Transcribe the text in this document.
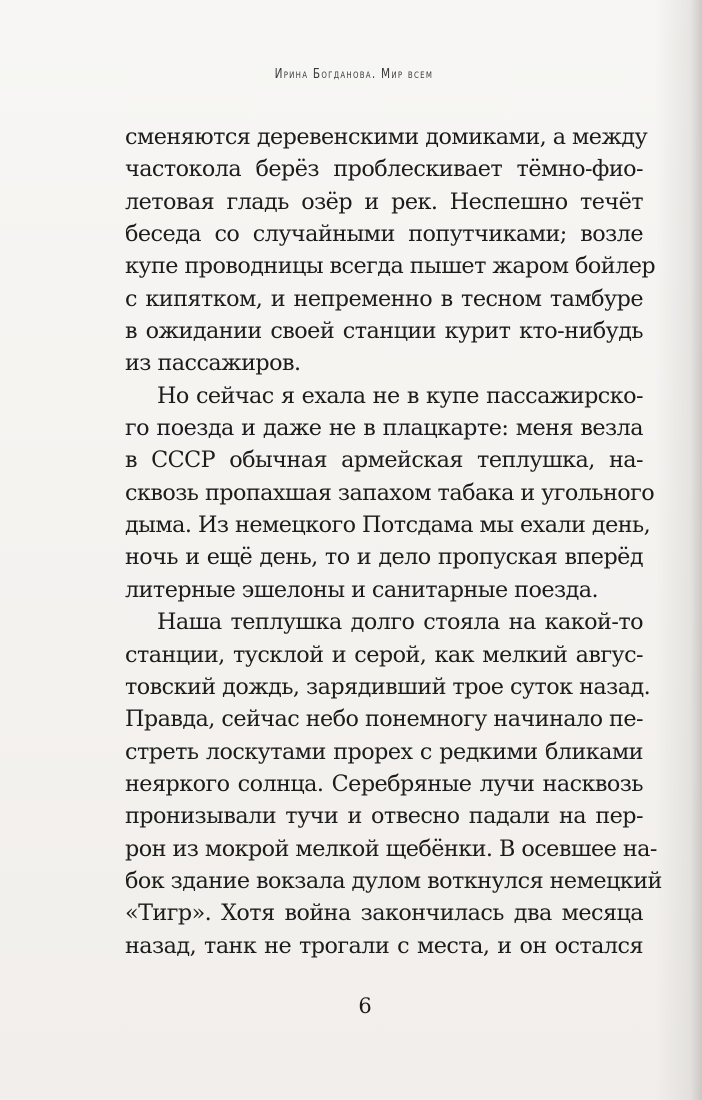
Ирина Богданова. Мир всем
сменяются деревенскими домиками, а между
частокола берёз проблескивает тёмно-фио-
летовая гладь озёр и рек. Неспешно течёт
беседа со случайными попутчиками; возле
купе проводницы всегда пышет жаром бойлер
с кипятком, и непременно в тесном тамбуре
в ожидании своей станции курит кто-нибудь
из пассажиров.
Но сейчас я ехала не в купе пассажирско-
го поезда и даже не в плацкарте: меня везла
в СССР обычная армейская теплушка, на-
сквозь пропахшая запахом табака и угольного
дыма. Из немецкого Потсдама мы ехали день,
ночь и ещё день, то и дело пропуская вперёд
литерные эшелоны и санитарные поезда.
Наша теплушка долго стояла на какой-то
станции, тусклой и серой, как мелкий авгус-
товский дождь, зарядивший трое суток назад.
Правда, сейчас небо понемногу начинало пе-
стреть лоскутами прорех с редкими бликами
неяркого солнца. Серебряные лучи насквозь
пронизывали тучи и отвесно падали на пер-
рон из мокрой мелкой щебёнки. В осевшее на-
бок здание вокзала дулом воткнулся немецкий
«Тигр». Хотя война закончилась два месяца
назад, танк не трогали с места, и он остался
6
